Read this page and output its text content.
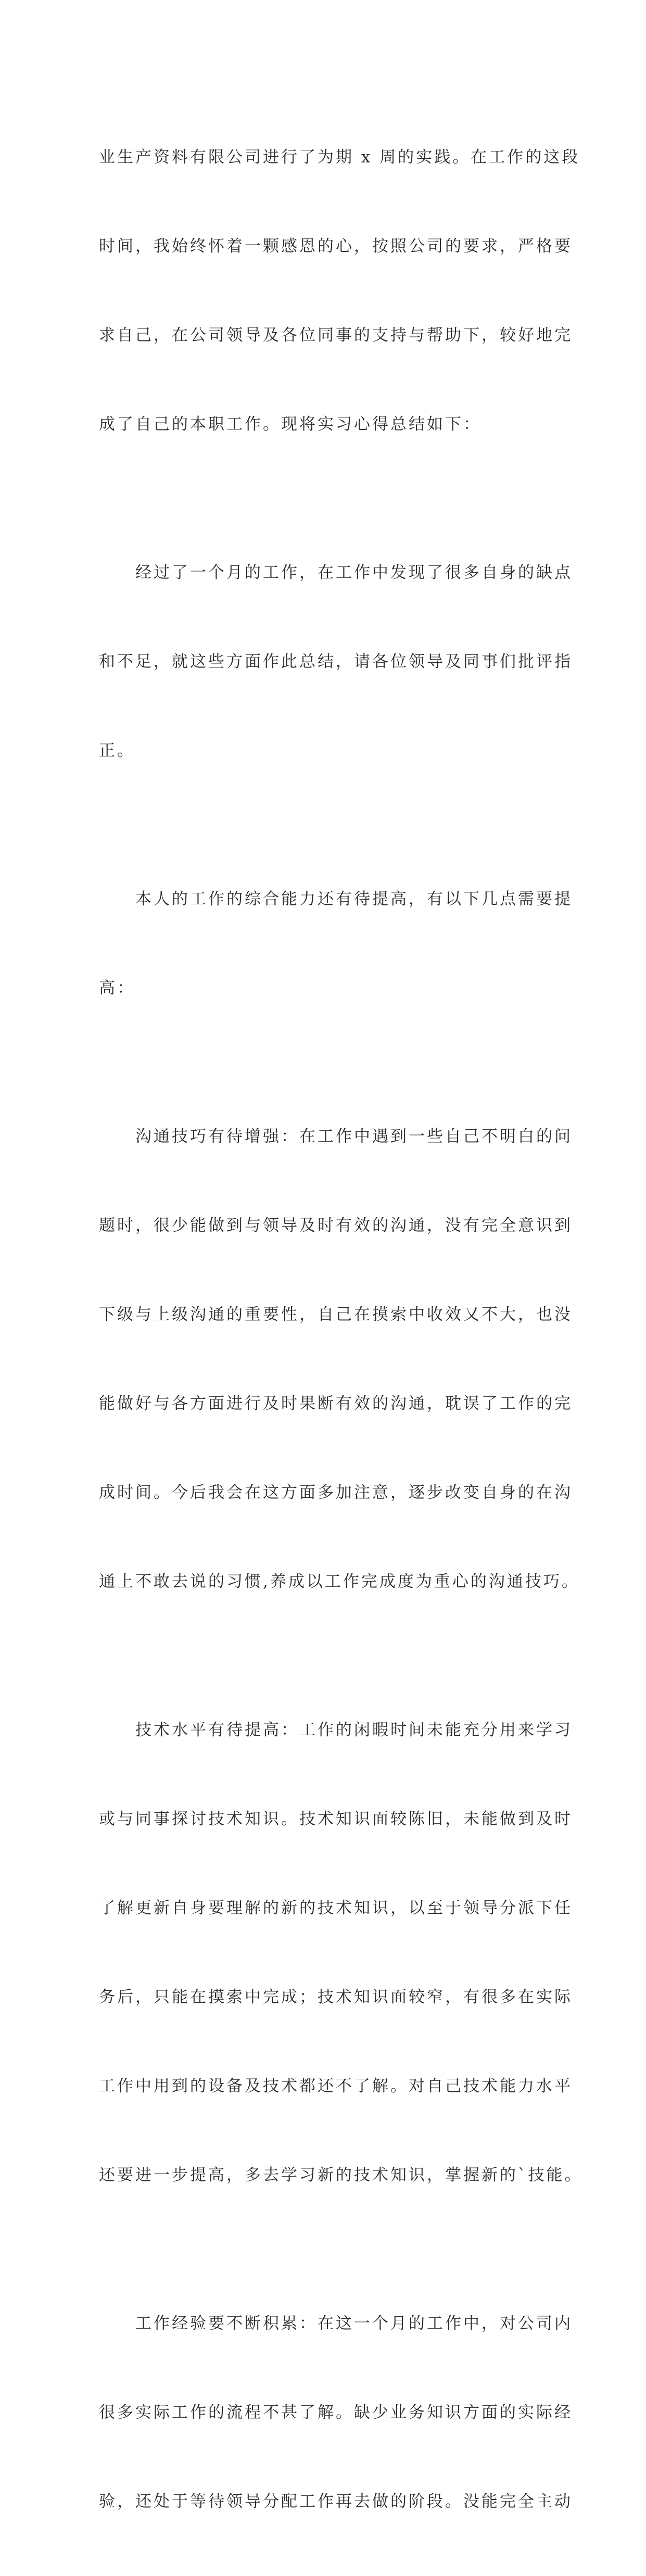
业生产资料有限公司进行了为期 x 周的实践。在工作的这段

时间，我始终怀着一颗感恩的心，按照公司的要求，严格要

求自己，在公司领导及各位同事的支持与帮助下，较好地完

成了自己的本职工作。现将实习心得总结如下：

　　经过了一个月的工作，在工作中发现了很多自身的缺点

和不足，就这些方面作此总结，请各位领导及同事们批评指

正。

　　本人的工作的综合能力还有待提高，有以下几点需要提

高：

　　沟通技巧有待增强：在工作中遇到一些自己不明白的问

题时，很少能做到与领导及时有效的沟通，没有完全意识到

下级与上级沟通的重要性，自己在摸索中收效又不大，也没

能做好与各方面进行及时果断有效的沟通，耽误了工作的完

成时间。今后我会在这方面多加注意，逐步改变自身的在沟

通上不敢去说的习惯,养成以工作完成度为重心的沟通技巧。

　　技术水平有待提高：工作的闲暇时间未能充分用来学习

或与同事探讨技术知识。技术知识面较陈旧，未能做到及时

了解更新自身要理解的新的技术知识，以至于领导分派下任

务后，只能在摸索中完成；技术知识面较窄，有很多在实际

工作中用到的设备及技术都还不了解。对自己技术能力水平

还要进一步提高，多去学习新的技术知识，掌握新的`技能。

　　工作经验要不断积累：在这一个月的工作中，对公司内

很多实际工作的流程不甚了解。缺少业务知识方面的实际经

验，还处于等待领导分配工作再去做的阶段。没能完全主动
